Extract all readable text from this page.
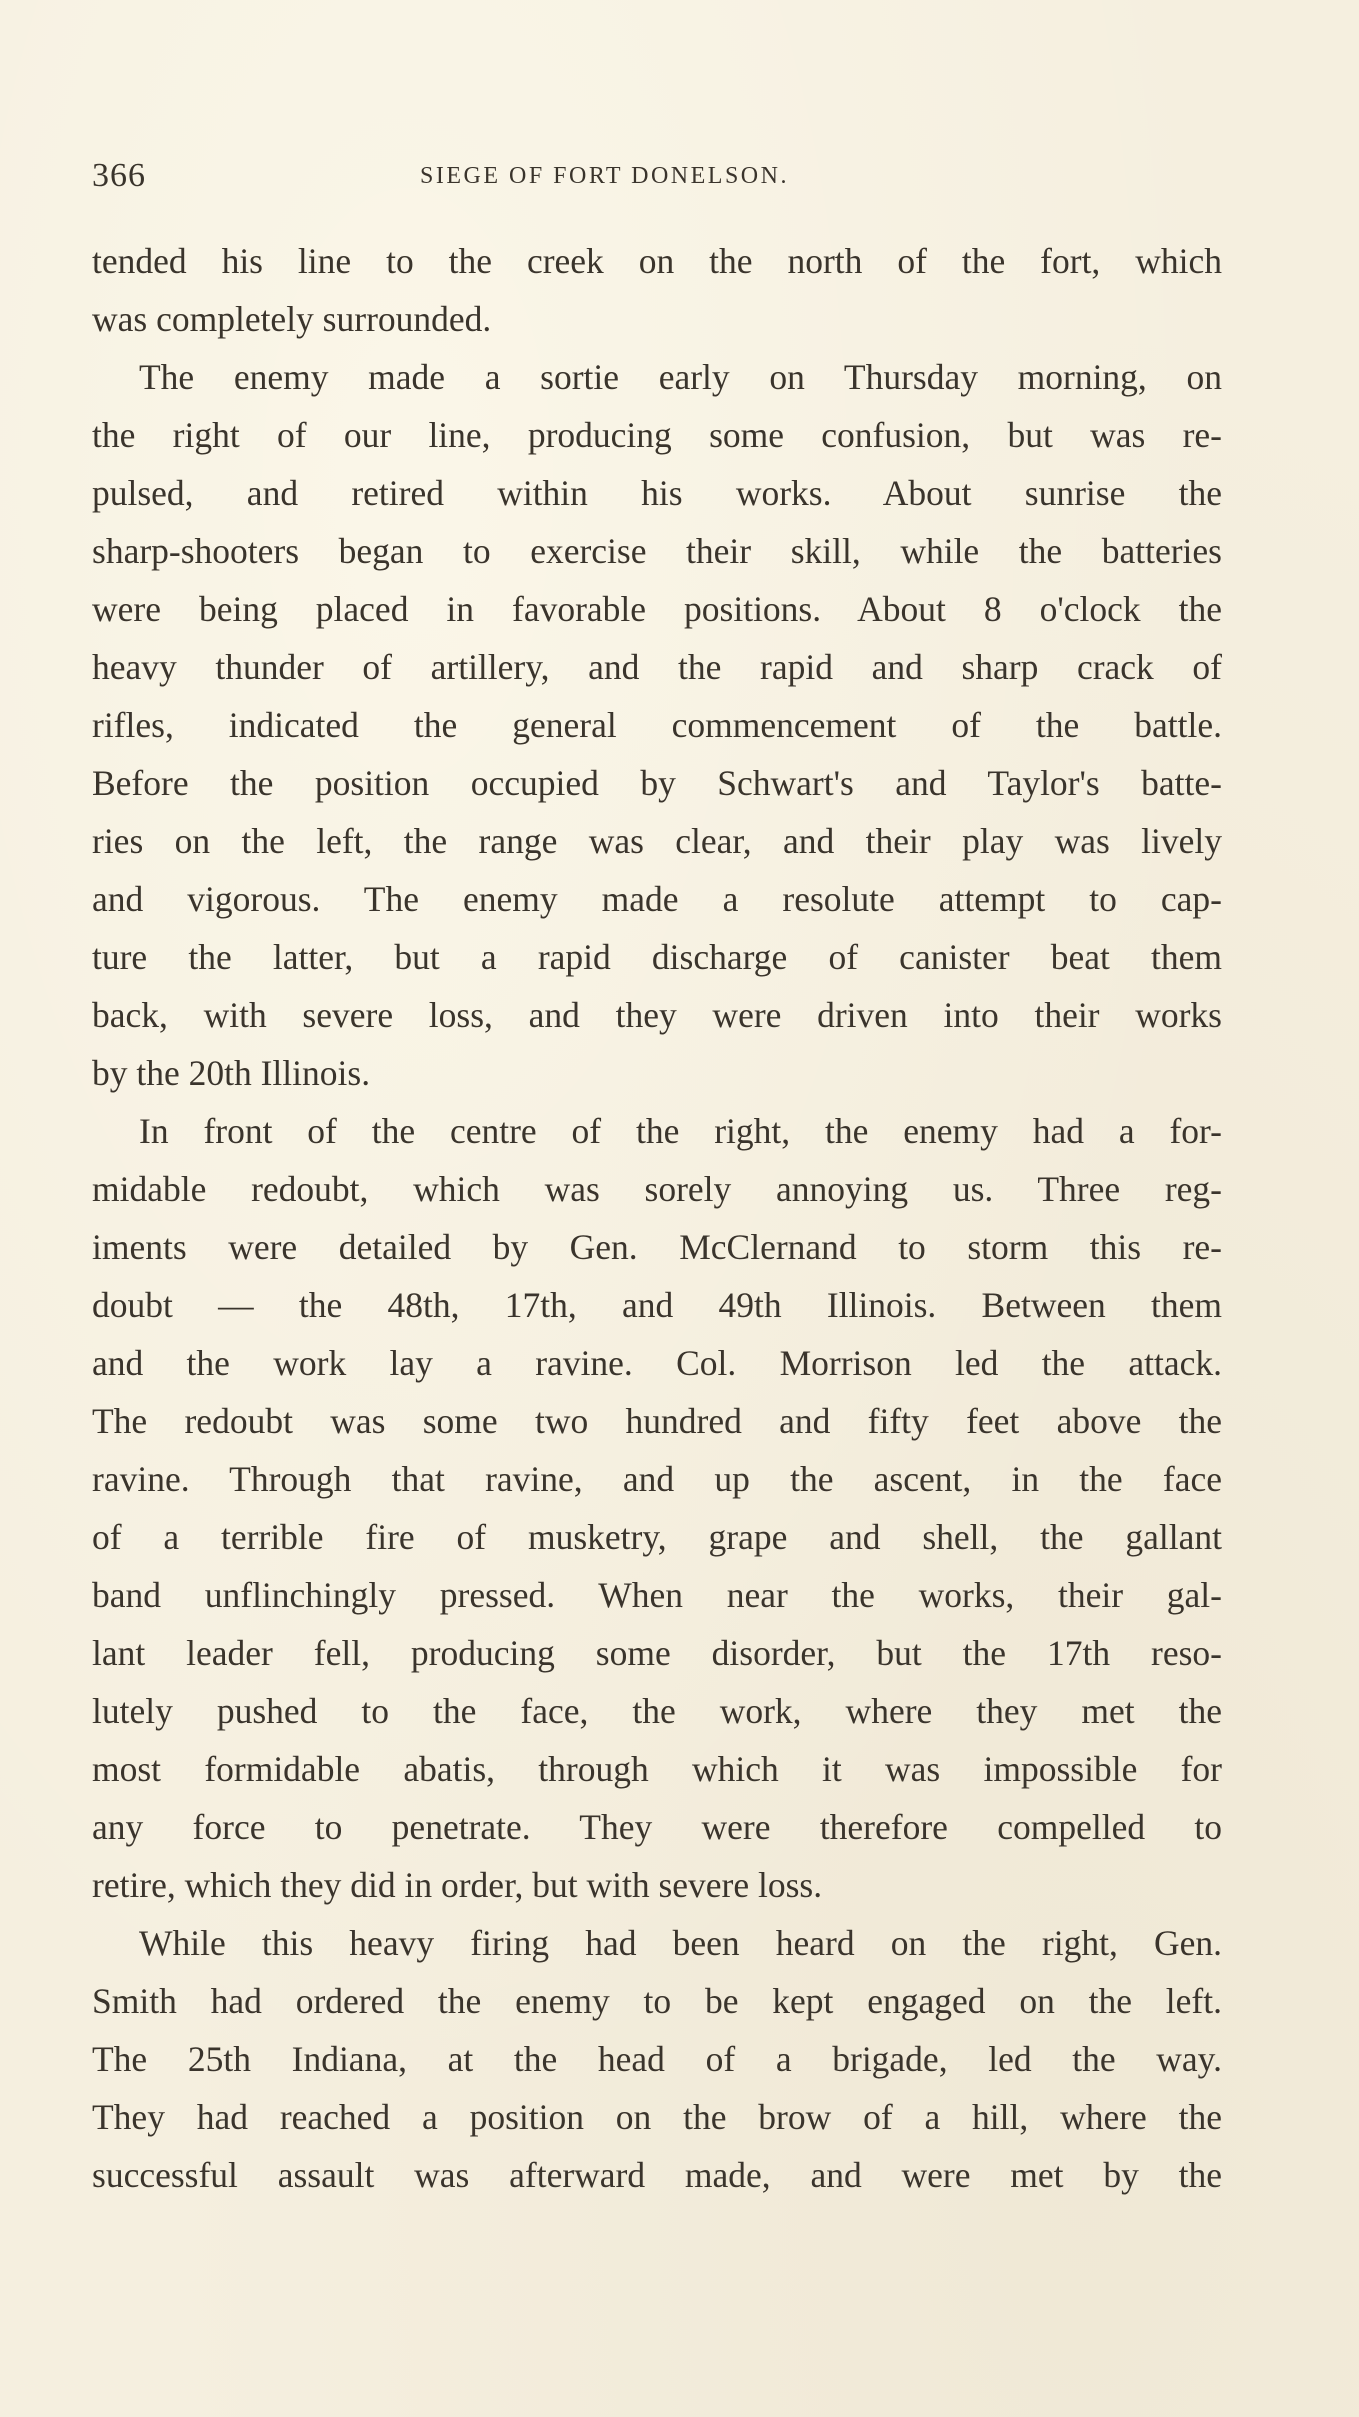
366	SIEGE OF FORT DONELSON.
tended his line to the creek on the north of the fort, which
was completely surrounded.
The enemy made a sortie early on Thursday morning, on
the right of our line, producing some confusion, but was re-
pulsed, and retired within his works. About sunrise the
sharp-shooters began to exercise their skill, while the batteries
were being placed in favorable positions. About 8 o'clock the
heavy thunder of artillery, and the rapid and sharp crack of
rifles, indicated the general commencement of the battle.
Before the position occupied by Schwart's and Taylor's batte-
ries on the left, the range was clear, and their play was lively
and vigorous. The enemy made a resolute attempt to cap-
ture the latter, but a rapid discharge of canister beat them
back, with severe loss, and they were driven into their works
by the 20th Illinois.
In front of the centre of the right, the enemy had a for-
midable redoubt, which was sorely annoying us. Three reg-
iments were detailed by Gen. McClernand to storm this re-
doubt — the 48th, 17th, and 49th Illinois. Between them
and the work lay a ravine. Col. Morrison led the attack.
The redoubt was some two hundred and fifty feet above the
ravine. Through that ravine, and up the ascent, in the face
of a terrible fire of musketry, grape and shell, the gallant
band unflinchingly pressed. When near the works, their gal-
lant leader fell, producing some disorder, but the 17th reso-
lutely pushed to the face, the work, where they met the
most formidable abatis, through which it was impossible for
any force to penetrate. They were therefore compelled to
retire, which they did in order, but with severe loss.
While this heavy firing had been heard on the right, Gen.
Smith had ordered the enemy to be kept engaged on the left.
The 25th Indiana, at the head of a brigade, led the way.
They had reached a position on the brow of a hill, where the
successful assault was afterward made, and were met by the
